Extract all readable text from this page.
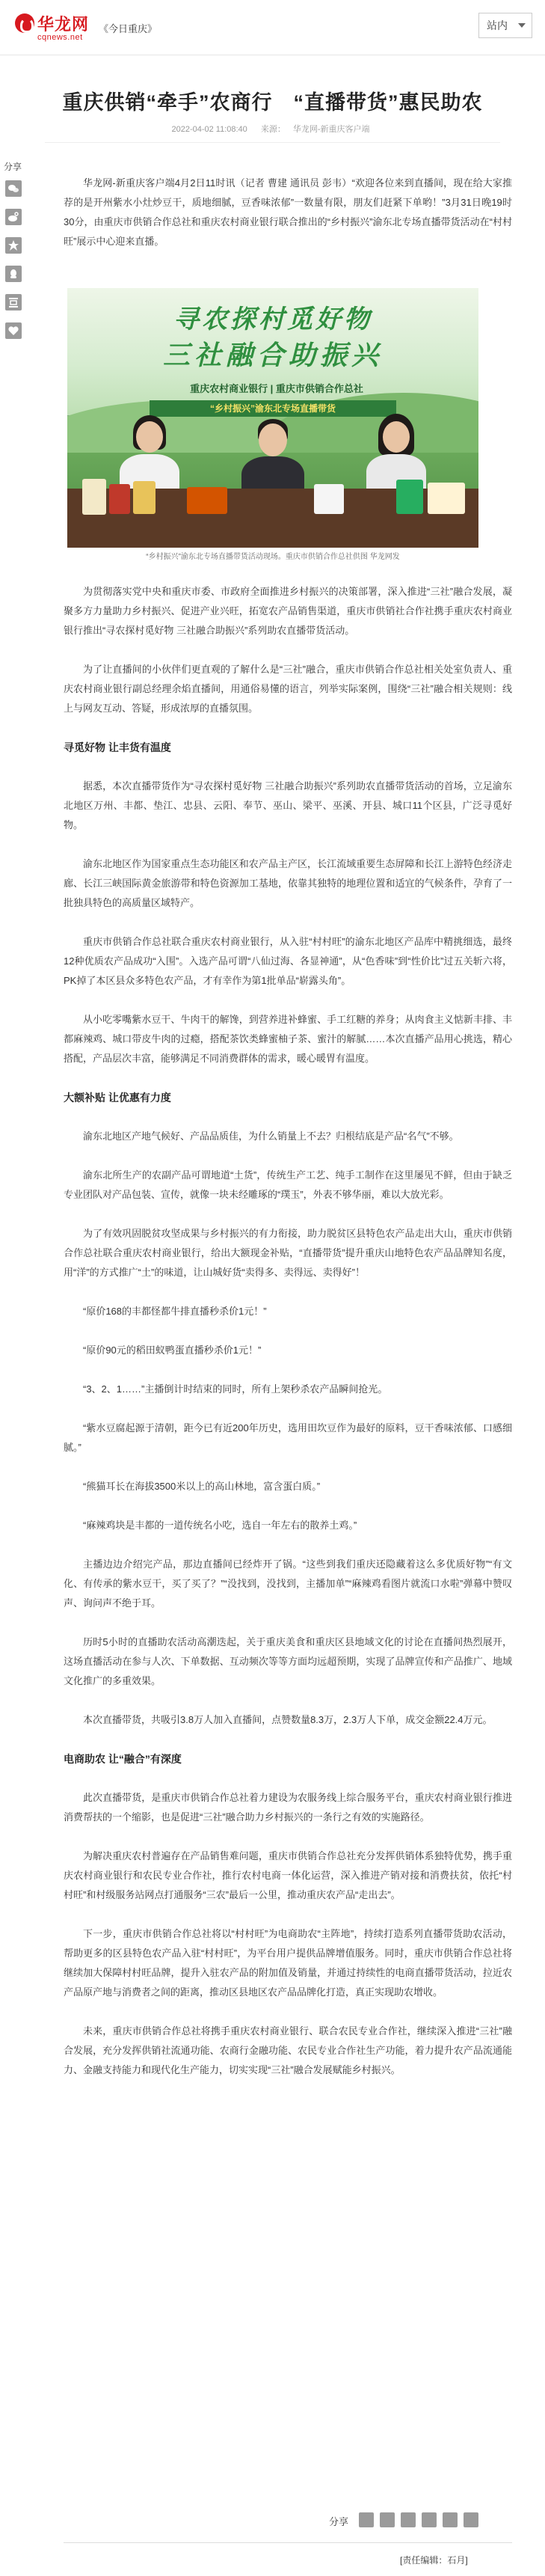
华龙网
cqnews.net
《今日重庆》	站内
重庆供销“牵手”农商行　“直播带货”惠民助农
2022-04-02 11:08:40 来源： 华龙网-新重庆客户端
分享
华龙网-新重庆客户端4月2日11时讯（记者 曹建 通讯员 彭韦）“欢迎各位来到直播间，现在给大家推荐的是开州紫水小灶炒豆干，质地细腻，豆香味浓郁”一数量有限，朋友们赶紧下单哟！”3月31日晚19时30分，由重庆市供销合作总社和重庆农村商业银行联合推出的“乡村振兴”渝东北专场直播带货活动在“村村旺”展示中心迎来直播。
寻农探村觅好物
三社融合助振兴
重庆农村商业银行 | 重庆市供销合作总社
“乡村振兴”渝东北专场直播带货
“乡村振兴”渝东北专场直播带货活动现场。重庆市供销合作总社供图 华龙网发
为贯彻落实党中央和重庆市委、市政府全面推进乡村振兴的决策部署，深入推进“三社”融合发展，凝聚多方力量助力乡村振兴、促进产业兴旺，拓宽农产品销售渠道，重庆市供销社合作社携手重庆农村商业银行推出“寻农探村觅好物 三社融合助振兴”系列助农直播带货活动。
为了让直播间的小伙伴们更直观的了解什么是“三社”融合，重庆市供销合作总社相关处室负责人、重庆农村商业银行副总经理余焰直播间，用通俗易懂的语言，列举实际案例，围绕“三社”融合相关规则：线上与网友互动、答疑，形成浓厚的直播氛围。
寻觅好物 让丰货有温度
据悉，本次直播带货作为“寻农探村觅好物 三社融合助振兴”系列助农直播带货活动的首场，立足渝东北地区万州、丰都、垫江、忠县、云阳、奉节、巫山、梁平、巫溪、开县、城口11个区县，广泛寻觅好物。
渝东北地区作为国家重点生态功能区和农产品主产区，长江流域重要生态屏障和长江上游特色经济走廊、长江三峡国际黄金旅游带和特色资源加工基地，依靠其独特的地理位置和适宜的气候条件，孕育了一批独具特色的高质量区域特产。
重庆市供销合作总社联合重庆农村商业银行，从入驻“村村旺”的渝东北地区产品库中精挑细选，最终12种优质农产品成功“入围”。入选产品可谓“八仙过海、各显神通”，从“色香味”到“性价比”过五关斩六将，PK掉了本区县众多特色农产品，才有幸作为第1批单品“崭露头角”。
从小吃零嘴紫水豆干、牛肉干的解馋，到营养进补蜂蜜、手工红糖的养身；从肉食主义惦新丰排、丰都麻辣鸡、城口带皮牛肉的过瘾，搭配茶饮类蜂蜜柚子茶、蜜汁的解腻……本次直播产品用心挑选，精心搭配，产品层次丰富，能够满足不同消费群体的需求，暖心暖胃有温度。
大额补贴 让优惠有力度
渝东北地区产地气候好、产品品质佳，为什么销量上不去？归根结底是产品“名气”不够。
渝东北所生产的农副产品可谓地道“土货”，传统生产工艺、纯手工制作在这里屡见不鲜，但由于缺乏专业团队对产品包装、宣传，就像一块未经雕琢的“璞玉”，外表不够华丽，难以大放光彩。
为了有效巩固脱贫攻坚成果与乡村振兴的有力衔接，助力脱贫区县特色农产品走出大山，重庆市供销合作总社联合重庆农村商业银行，给出大额现金补贴，“直播带货”提升重庆山地特色农产品品牌知名度，用“洋”的方式推广“土”的味道，让山城好货“卖得多、卖得远、卖得好”！
“原价168的丰都怪都牛排直播秒杀价1元！”
“原价90元的稻田蚁鸭蛋直播秒杀价1元！”
“3、2、1……”主播倒计时结束的同时，所有上架秒杀农产品瞬间抢光。
“紫水豆腐起源于清朝，距今已有近200年历史，选用田坎豆作为最好的原料，豆干香味浓郁、口感细腻。”
“熊猫耳长在海拔3500米以上的高山林地，富含蛋白质。”
“麻辣鸡块是丰都的一道传统名小吃，选自一年左右的散养土鸡。”
主播边边介绍完产品，那边直播间已经炸开了锅。“这些到我们重庆还隐藏着这么多优质好物”“有文化、有传承的紫水豆干，买了买了？”“没找到，没找到，主播加单”“麻辣鸡看图片就流口水啦”弹幕中赞叹声、询问声不绝于耳。
历时5小时的直播助农活动高潮迭起，关于重庆美食和重庆区县地域文化的讨论在直播间热烈展开，这场直播活动在参与人次、下单数据、互动频次等等方面均远超预期，实现了品牌宣传和产品推广、地域文化推广的多重效果。
本次直播带货，共吸引3.8万人加入直播间，点赞数量8.3万，2.3万人下单，成交金额22.4万元。
电商助农 让“融合”有深度
此次直播带货，是重庆市供销合作总社着力建设为农服务线上综合服务平台，重庆农村商业银行推进消费帮扶的一个缩影，也是促进“三社”融合助力乡村振兴的一条行之有效的实施路径。
为解决重庆农村普遍存在产品销售难问题，重庆市供销合作总社充分发挥供销体系独特优势，携手重庆农村商业银行和农民专业合作社，推行农村电商一体化运营，深入推进产销对接和消费扶贫，依托“村村旺”和村级服务站网点打通服务“三农”最后一公里，推动重庆农产品“走出去”。
下一步，重庆市供销合作总社将以“村村旺”为电商助农“主阵地”，持续打造系列直播带货助农活动，帮助更多的区县特色农产品入驻“村村旺”，为平台用户提供品牌增值服务。同时，重庆市供销合作总社将继续加大保障村村旺品牌，提升入驻农产品的附加值及销量，并通过持续性的电商直播带货活动，拉近农产品原产地与消费者之间的距离，推动区县地区农产品品牌化打造，真正实现助农增收。
未来，重庆市供销合作总社将携手重庆农村商业银行、联合农民专业合作社，继续深入推进“三社”融合发展，充分发挥供销社流通功能、农商行金融功能、农民专业合作社生产功能，着力提升农产品流通能力、金融支持能力和现代化生产能力，切实实现“三社”融合发展赋能乡村振兴。
分享
[责任编辑：石月]
